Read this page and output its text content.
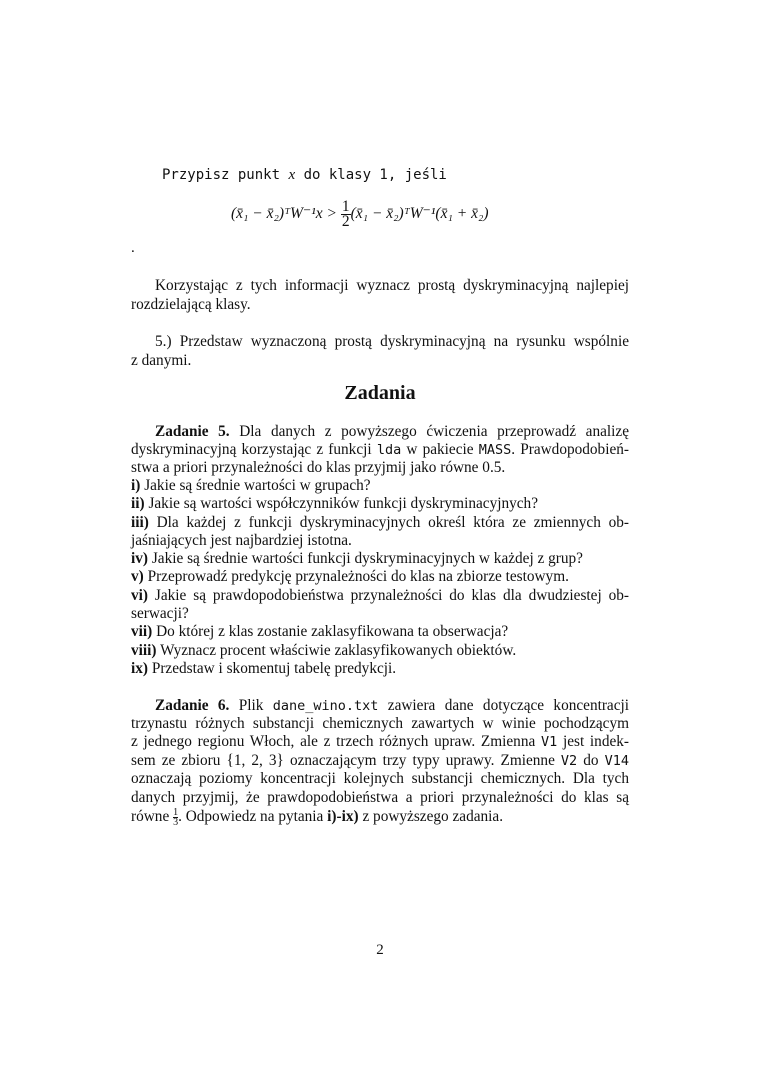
Przypisz punkt x do klasy 1, jeśli
(x̄₁ − x̄₂)ᵀW⁻¹x > $\frac{1}{2}$ (x̄₁ − x̄₂)ᵀW⁻¹(x̄₁ + x̄₂)
.
Korzystając z tych informacji wyznacz prostą dyskryminacyjną najlepiej
rozdzielającą klasy.
5.) Przedstaw wyznaczoną prostą dyskryminacyjną na rysunku wspólnie
z danymi.
Zadania
Zadanie 5. Dla danych z powyższego ćwiczenia przeprowadź analizę
dyskryminacyjną korzystając z funkcji lda w pakiecie MASS. Prawdopodobień-
stwa a priori przynależności do klas przyjmij jako równe 0.5.
i) Jakie są średnie wartości w grupach?
ii) Jakie są wartości współczynników funkcji dyskryminacyjnych?
iii) Dla każdej z funkcji dyskryminacyjnych określ która ze zmiennych ob-
jaśniających jest najbardziej istotna.
iv) Jakie są średnie wartości funkcji dyskryminacyjnych w każdej z grup?
v) Przeprowadź predykcję przynależności do klas na zbiorze testowym.
vi) Jakie są prawdopodobieństwa przynależności do klas dla dwudziestej ob-
serwacji?
vii) Do której z klas zostanie zaklasyfikowana ta obserwacja?
viii) Wyznacz procent właściwie zaklasyfikowanych obiektów.
ix) Przedstaw i skomentuj tabelę predykcji.
Zadanie 6. Plik dane_wino.txt zawiera dane dotyczące koncentracji
trzynastu różnych substancji chemicznych zawartych w winie pochodzącym
z jednego regionu Włoch, ale z trzech różnych upraw. Zmienna V1 jest indek-
sem ze zbioru {1, 2, 3} oznaczającym trzy typy uprawy. Zmienne V2 do V14
oznaczają poziomy koncentracji kolejnych substancji chemicznych. Dla tych
danych przyjmij, że prawdopodobieństwa a priori przynależności do klas są
równe $\frac{1}{3}$ . Odpowiedz na pytania i)-ix) z powyższego zadania.
2
